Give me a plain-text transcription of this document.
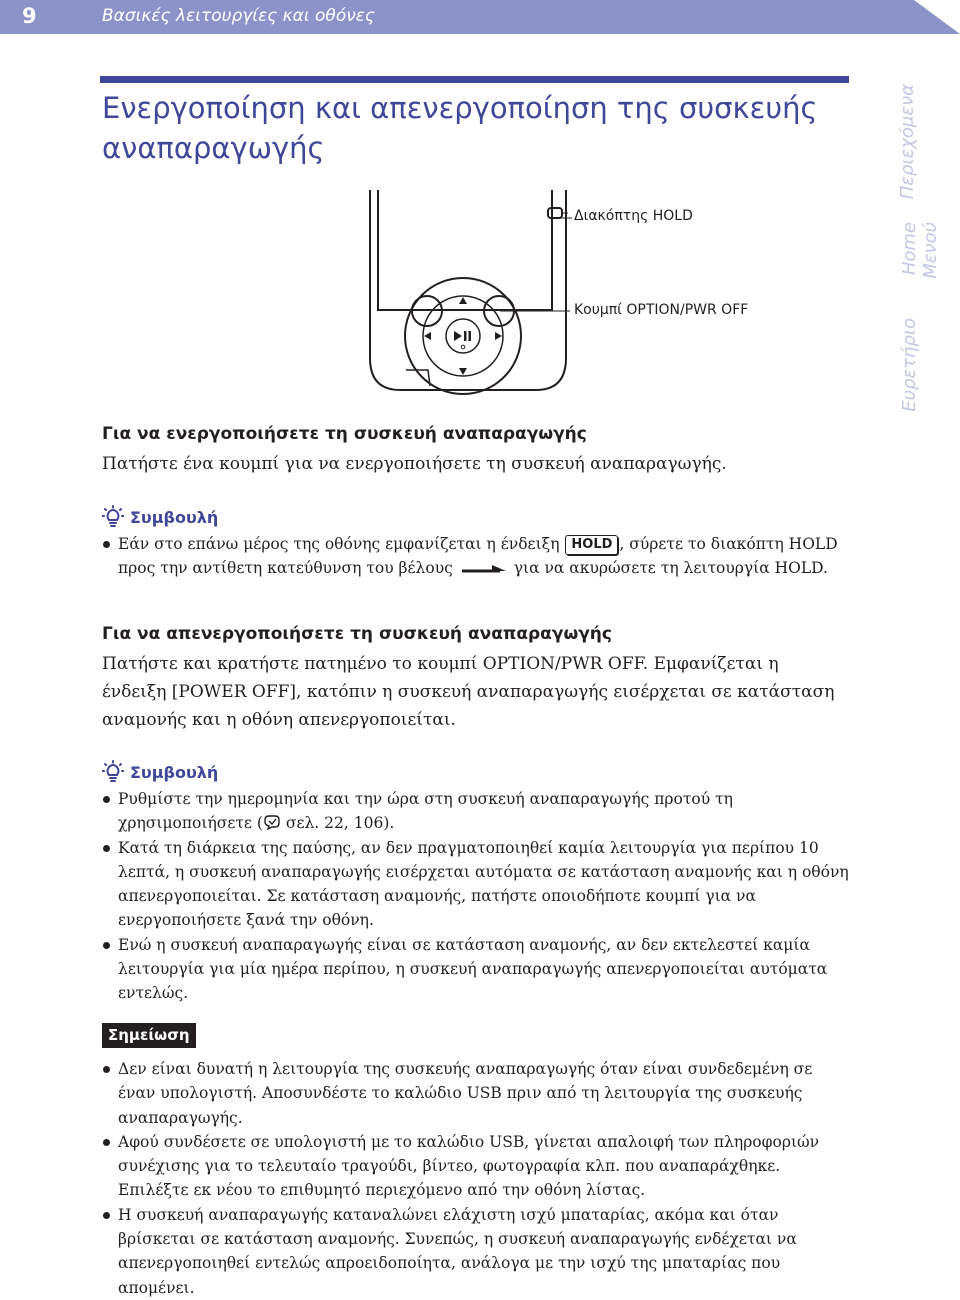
9	Βασικές λειτουργίες και οθόνες
Ενεργοποίηση και απενεργοποίηση της συσκευής αναπαραγωγής	Περιεχόμενα
Μενού
Home
Ευρετήριο
Διακόπτης HOLD
Κουμπί OPTION/PWR OFF
Για να ενεργοποιήσετε τη συσκευή αναπαραγωγής
Πατήστε ένα κουμπί για να ενεργοποιήσετε τη συσκευή αναπαραγωγής.
Συμβουλή
Εάν στο επάνω μέρος της οθόνης εμφανίζεται η ένδειξη HOLD , σύρετε το διακόπτη HOLD προς την αντίθετη κατεύθυνση του βέλους	για να ακυρώσετε τη λειτουργία HOLD.
Για να απενεργοποιήσετε τη συσκευή αναπαραγωγής
Πατήστε και κρατήστε πατημένο το κουμπί OPTION/PWR OFF. Εμφανίζεται η ένδειξη [POWER OFF], κατόπιν η συσκευή αναπαραγωγής εισέρχεται σε κατάσταση αναμονής και η οθόνη απενεργοποιείται.
Συμβουλή
Ρυθμίστε την ημερομηνία και την ώρα στη συσκευή αναπαραγωγής προτού τη χρησιμοποιήσετε ( σελ. 22, 106).
Κατά τη διάρκεια της παύσης, αν δεν πραγματοποιηθεί καμία λειτουργία για περίπου 10 λεπτά, η συσκευή αναπαραγωγής εισέρχεται αυτόματα σε κατάσταση αναμονής και η οθόνη απενεργοποιείται. Σε κατάσταση αναμονής, πατήστε οποιοδήποτε κουμπί για να ενεργοποιήσετε ξανά την οθόνη.
Ενώ η συσκευή αναπαραγωγής είναι σε κατάσταση αναμονής, αν δεν εκτελεστεί καμία λειτουργία για μία ημέρα περίπου, η συσκευή αναπαραγωγής απενεργοποιείται αυτόματα εντελώς.
Σημείωση
Δεν είναι δυνατή η λειτουργία της συσκευής αναπαραγωγής όταν είναι συνδεδεμένη σε έναν υπολογιστή. Αποσυνδέστε το καλώδιο USB πριν από τη λειτουργία της συσκευής αναπαραγωγής.
Αφού συνδέσετε σε υπολογιστή με το καλώδιο USB, γίνεται απαλοιφή των πληροφοριών συνέχισης για το τελευταίο τραγούδι, βίντεο, φωτογραφία κλπ. που αναπαράχθηκε. Επιλέξτε εκ νέου το επιθυμητό περιεχόμενο από την οθόνη λίστας.
Η συσκευή αναπαραγωγής καταναλώνει ελάχιστη ισχύ μπαταρίας, ακόμα και όταν βρίσκεται σε κατάσταση αναμονής. Συνεπώς, η συσκευή αναπαραγωγής ενδέχεται να απενεργοποιηθεί εντελώς απροειδοποίητα, ανάλογα με την ισχύ της μπαταρίας που απομένει.
